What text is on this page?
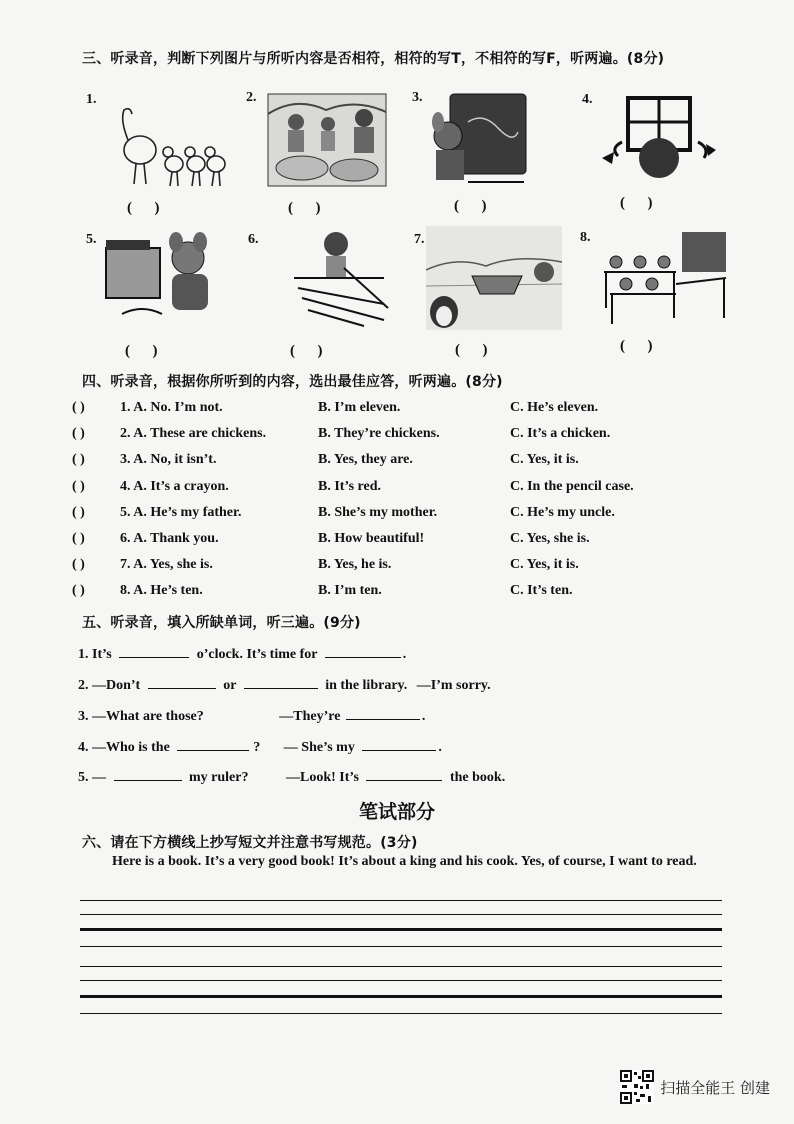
三、听录音，判断下列图片与所听内容是否相符，相符的写T，不相符的写F，听两遍。(8分)
1.
(      )
2.
(      )
3.
(      )
4.
(      )
5.
(      )
6.
(      )
7.
(      )
8.
(      )
四、听录音，根据你所听到的内容，选出最佳应答，听两遍。(8分)
( )	1. A. No. I’m not.	B. I’m eleven.	C. He’s eleven.
( )	2. A. These are chickens.	B. They’re chickens.	C. It’s a chicken.
( )	3. A. No, it isn’t.	B. Yes, they are.	C. Yes, it is.
( )	4. A. It’s a crayon.	B. It’s red.	C. In the pencil case.
( )	5. A. He’s my father.	B. She’s my mother.	C. He’s my uncle.
( )	6. A. Thank you.	B. How beautiful!	C. Yes, she is.
( )	7. A. Yes, she is.	B. Yes, he is.	C. Yes, it is.
( )	8. A. He’s ten.	B. I’m ten.	C. It’s ten.
五、听录音，填入所缺单词，听三遍。(9分)
1. It’s	o’clock. It’s time for	.
2. —Don’t	or	in the library. —I’m sorry.
3. —What are those?	—They’re	.
4. —Who is the	? — She’s my	.
5. —	my ruler?	—Look! It’s	the book.
笔试部分
六、请在下方横线上抄写短文并注意书写规范。(3分)
Here is a book. It’s a very good book! It’s about a king and his cook. Yes, of course, I want to read.
扫描全能王 创建
